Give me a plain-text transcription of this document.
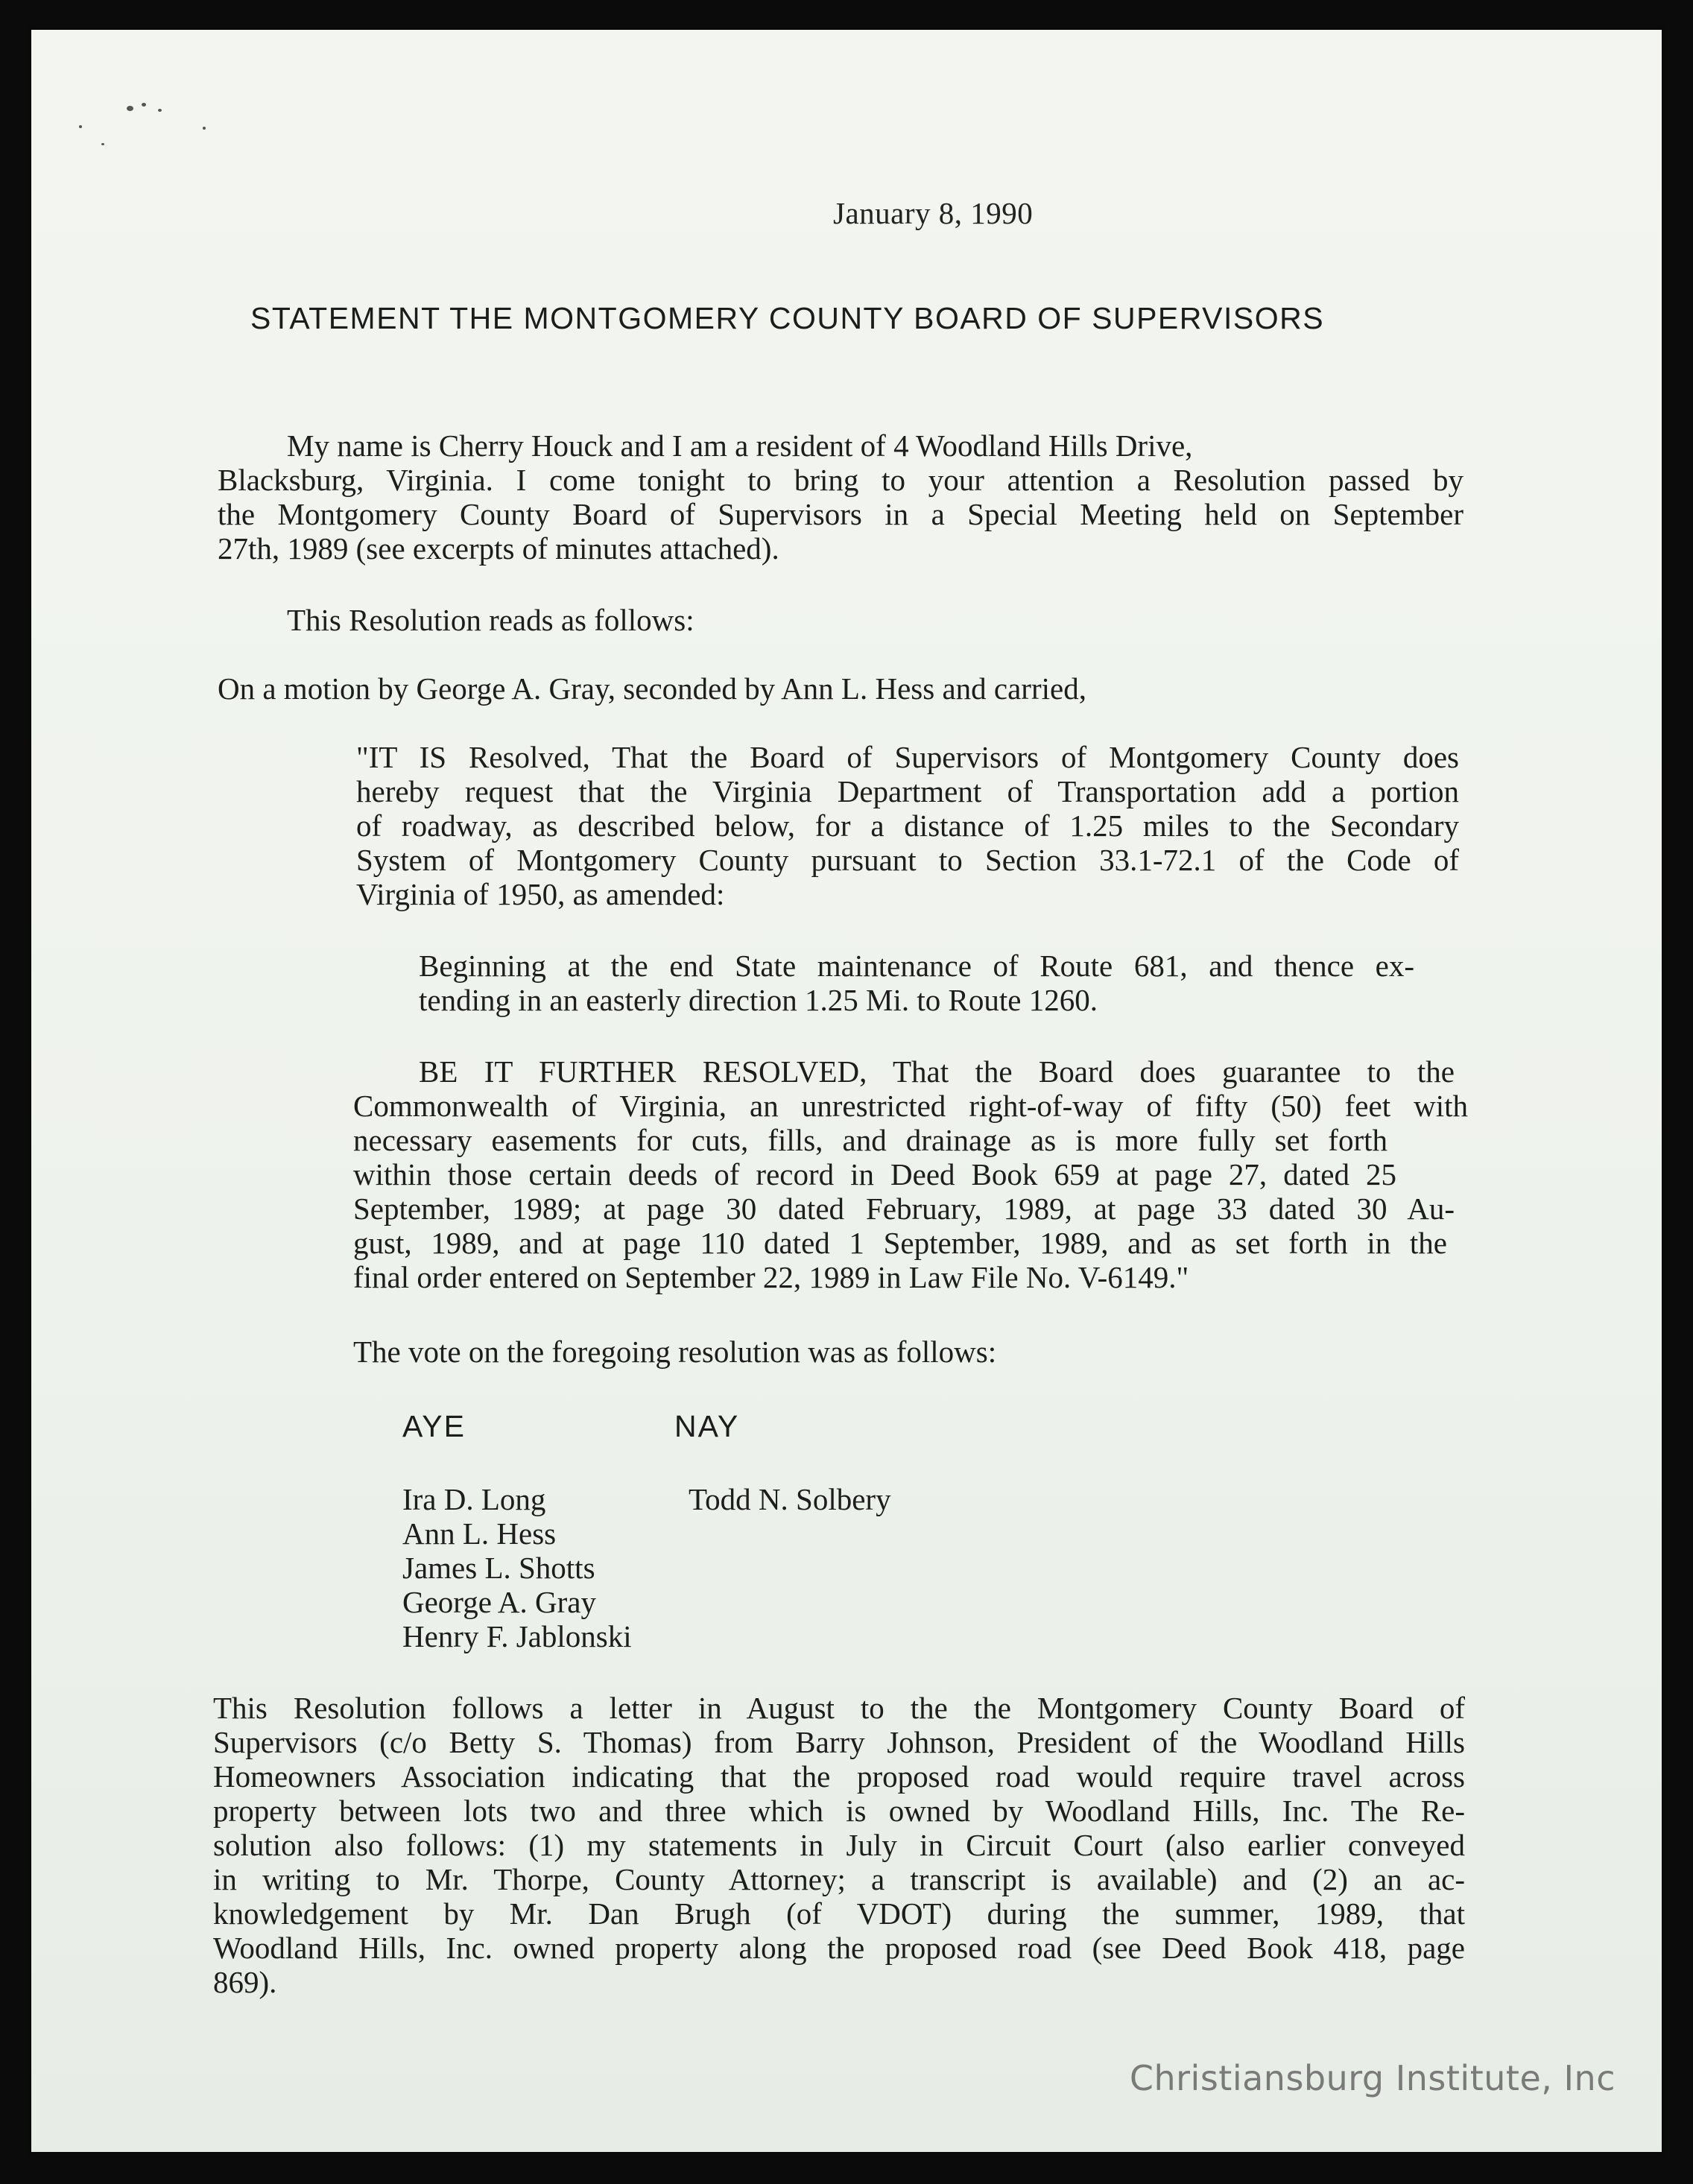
January 8, 1990
STATEMENT THE MONTGOMERY COUNTY BOARD OF SUPERVISORS
My name is Cherry Houck and I am a resident of 4 Woodland Hills Drive,
Blacksburg, Virginia. I come tonight to bring to your attention a Resolution passed by
the Montgomery County Board of Supervisors in a Special Meeting held on September
27th, 1989 (see excerpts of minutes attached).
This Resolution reads as follows:
On a motion by George A. Gray, seconded by Ann L. Hess and carried,
"IT IS Resolved, That the Board of Supervisors of Montgomery County does
hereby request that the Virginia Department of Transportation add a portion
of roadway, as described below, for a distance of 1.25 miles to the Secondary
System of Montgomery County pursuant to Section 33.1-72.1 of the Code of
Virginia of 1950, as amended:
Beginning at the end State maintenance of Route 681, and thence ex-
tending in an easterly direction 1.25 Mi. to Route 1260.
BE IT FURTHER RESOLVED, That the Board does guarantee to the
Commonwealth of Virginia, an unrestricted right-of-way of fifty (50) feet with
necessary easements for cuts, fills, and drainage as is more fully set forth
within those certain deeds of record in Deed Book 659 at page 27, dated 25
September, 1989; at page 30 dated February, 1989, at page 33 dated 30 Au-
gust, 1989, and at page 110 dated 1 September, 1989, and as set forth in the
final order entered on September 22, 1989 in Law File No. V-6149."
The vote on the foregoing resolution was as follows:
AYE	NAY
Ira D. Long
Ann L. Hess
James L. Shotts
George A. Gray
Henry F. Jablonski
Todd N. Solbery
This Resolution follows a letter in August to the the Montgomery County Board of
Supervisors (c/o Betty S. Thomas) from Barry Johnson, President of the Woodland Hills
Homeowners Association indicating that the proposed road would require travel across
property between lots two and three which is owned by Woodland Hills, Inc. The Re-
solution also follows: (1) my statements in July in Circuit Court (also earlier conveyed
in writing to Mr. Thorpe, County Attorney; a transcript is available) and (2) an ac-
knowledgement by Mr. Dan Brugh (of VDOT) during the summer, 1989, that
Woodland Hills, Inc. owned property along the proposed road (see Deed Book 418, page
869).
Christiansburg Institute, Inc
